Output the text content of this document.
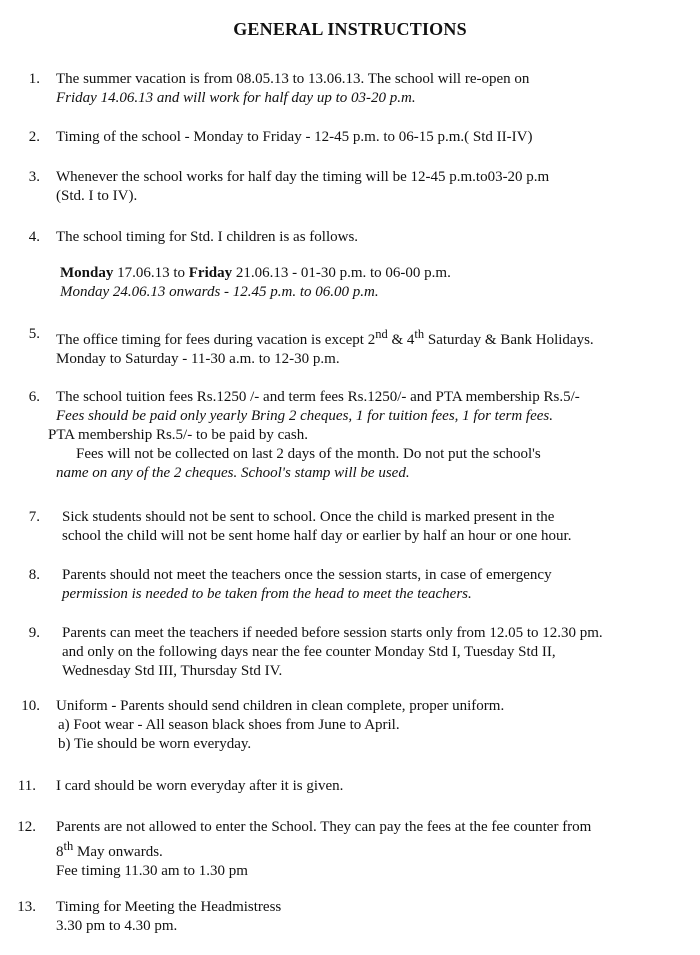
GENERAL INSTRUCTIONS
1. The summer vacation is from 08.05.13 to 13.06.13. The school will re-open on
Friday 14.06.13 and will work for half day up to 03-20 p.m.
2. Timing of the school - Monday to Friday - 12-45 p.m. to 06-15 p.m.( Std II-IV)
3. Whenever the school works for half day the timing will be 12-45 p.m.to03-20 p.m
(Std. I to IV).
4. The school timing for Std. I children is as follows.
Monday 17.06.13 to Friday 21.06.13 - 01-30 p.m. to 06-00 p.m.
Monday 24.06.13 onwards - 12.45 p.m. to 06.00 p.m.
5. The office timing for fees during vacation is except 2nd & 4th Saturday & Bank Holidays.
Monday to Saturday - 11-30 a.m. to 12-30 p.m.
6. The school tuition fees Rs.1250 /- and term fees Rs.1250/- and PTA membership Rs.5/-
Fees should be paid only yearly Bring 2 cheques, 1 for tuition fees, 1 for term fees.
PTA membership Rs.5/- to be paid by cash.
Fees will not be collected on last 2 days of the month. Do not put the school's
name on any of the 2 cheques. School's stamp will be used.
7. Sick students should not be sent to school. Once the child is marked present in the
school the child will not be sent home half day or earlier by half an hour or one hour.
8. Parents should not meet the teachers once the session starts, in case of emergency
permission is needed to be taken from the head to meet the teachers.
9. Parents can meet the teachers if needed before session starts only from 12.05 to 12.30 pm.
and only on the following days near the fee counter Monday Std I, Tuesday Std II,
Wednesday Std III, Thursday Std IV.
10. Uniform - Parents should send children in clean complete, proper uniform.
a) Foot wear - All season black shoes from June to April.
b) Tie should be worn everyday.
11. I card should be worn everyday after it is given.
12. Parents are not allowed to enter the School. They can pay the fees at the fee counter from
8th May onwards.
Fee timing 11.30 am to 1.30 pm
13. Timing for Meeting the Headmistress
3.30 pm to 4.30 pm.
